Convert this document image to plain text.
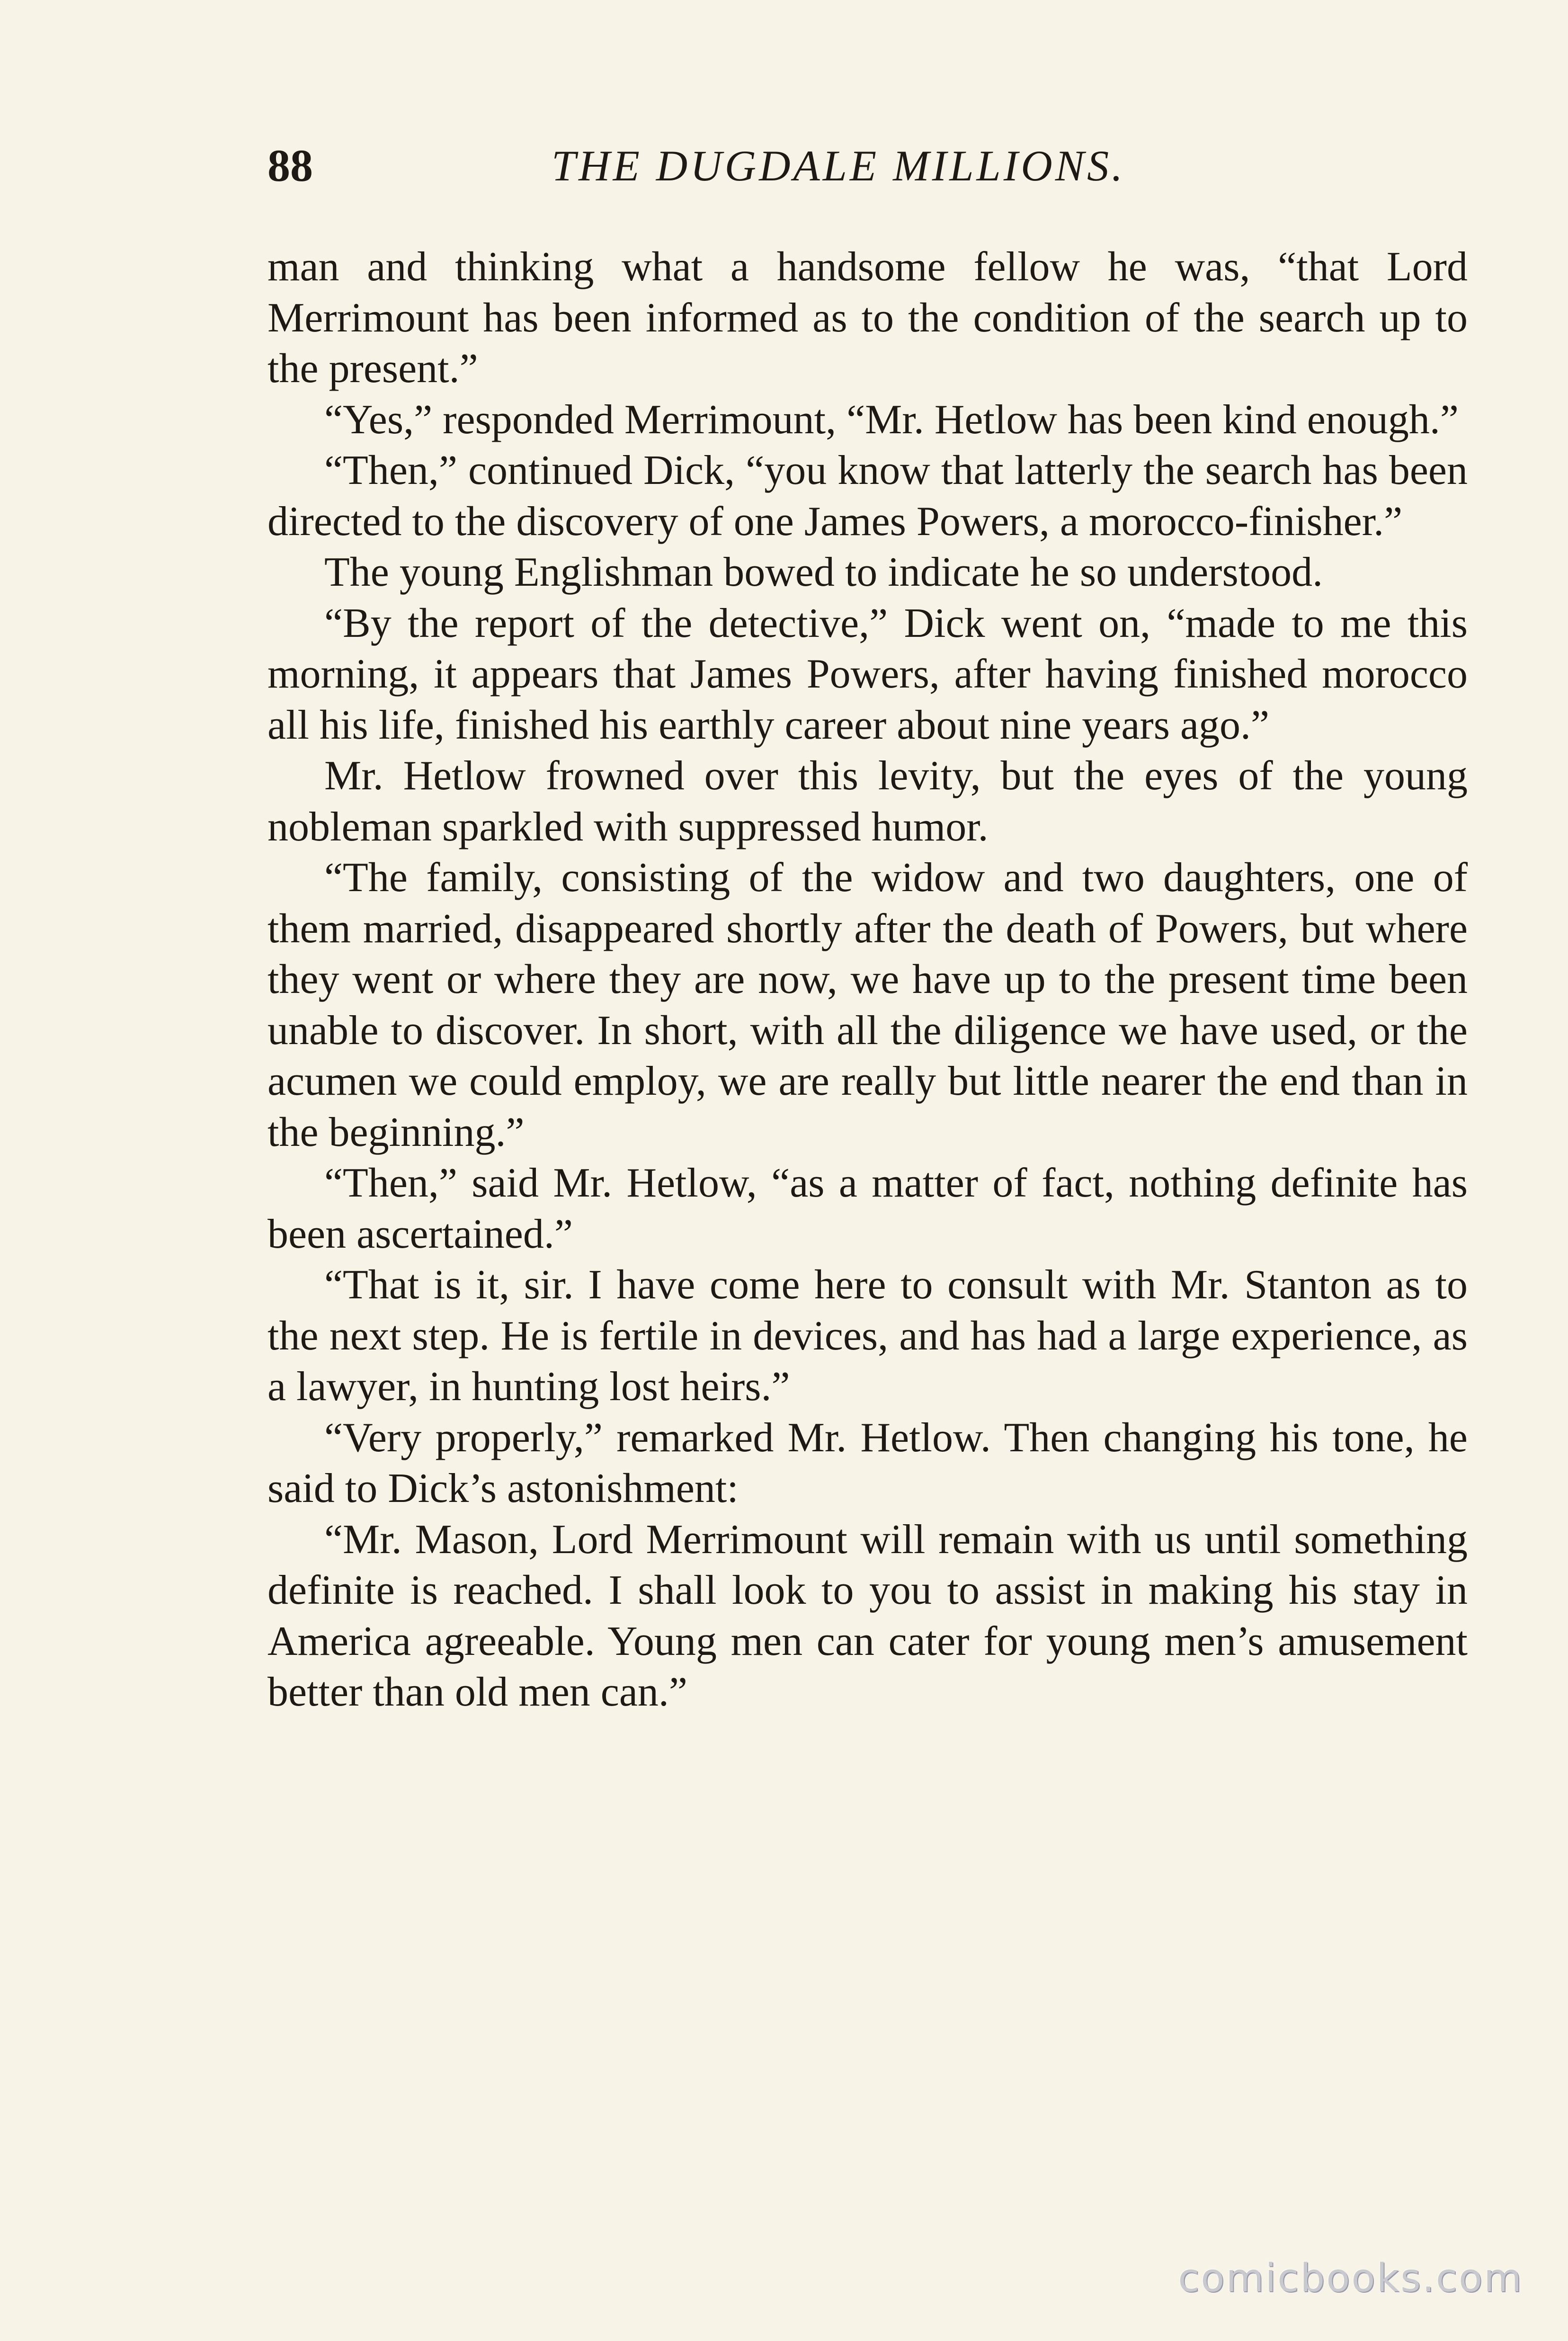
88	THE DUGDALE MILLIONS.

man and thinking what a handsome fellow he was, “that Lord Merrimount has been informed as to the condition of the search up to the present.”

“Yes,” responded Merrimount, “Mr. Hetlow has been kind enough.”

“Then,” continued Dick, “you know that latterly the search has been directed to the discovery of one James Powers, a morocco-finisher.”

The young Englishman bowed to indicate he so understood.

“By the report of the detective,” Dick went on, “made to me this morning, it appears that James Powers, after having finished morocco all his life, finished his earthly career about nine years ago.”

Mr. Hetlow frowned over this levity, but the eyes of the young nobleman sparkled with suppressed humor.

“The family, consisting of the widow and two daughters, one of them married, disappeared shortly after the death of Powers, but where they went or where they are now, we have up to the present time been unable to discover. In short, with all the diligence we have used, or the acumen we could employ, we are really but little nearer the end than in the beginning.”

“Then,” said Mr. Hetlow, “as a matter of fact, nothing definite has been ascertained.”

“That is it, sir. I have come here to consult with Mr. Stanton as to the next step. He is fertile in devices, and has had a large experience, as a lawyer, in hunting lost heirs.”

“Very properly,” remarked Mr. Hetlow. Then changing his tone, he said to Dick’s astonishment:

“Mr. Mason, Lord Merrimount will remain with us until something definite is reached. I shall look to you to assist in making his stay in America agreeable. Young men can cater for young men’s amusement better than old men can.”

comicbooks.com
